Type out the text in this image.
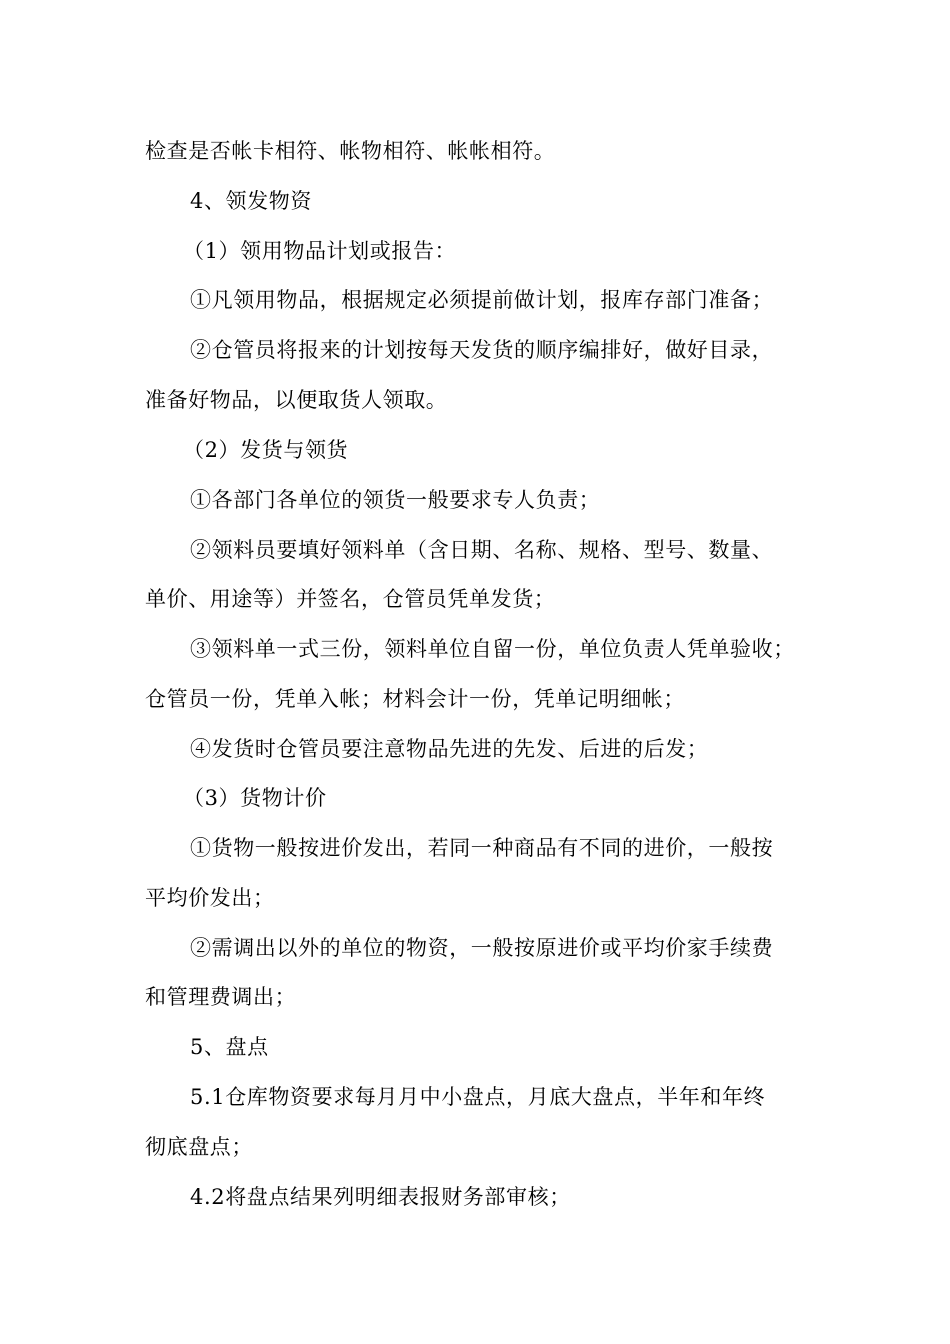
检查是否帐卡相符、帐物相符、帐帐相符。
4、领发物资
（1）领用物品计划或报告：
①凡领用物品，根据规定必须提前做计划，报库存部门准备；
②仓管员将报来的计划按每天发货的顺序编排好，做好目录，
准备好物品，以便取货人领取。
（2）发货与领货
①各部门各单位的领货一般要求专人负责；
②领料员要填好领料单（含日期、名称、规格、型号、数量、
单价、用途等）并签名，仓管员凭单发货；
③领料单一式三份，领料单位自留一份，单位负责人凭单验收；
仓管员一份，凭单入帐；材料会计一份，凭单记明细帐；
④发货时仓管员要注意物品先进的先发、后进的后发；
（3）货物计价
①货物一般按进价发出，若同一种商品有不同的进价，一般按
平均价发出；
②需调出以外的单位的物资，一般按原进价或平均价家手续费
和管理费调出；
5、盘点
5.1仓库物资要求每月月中小盘点，月底大盘点，半年和年终
彻底盘点；
4.2将盘点结果列明细表报财务部审核；
